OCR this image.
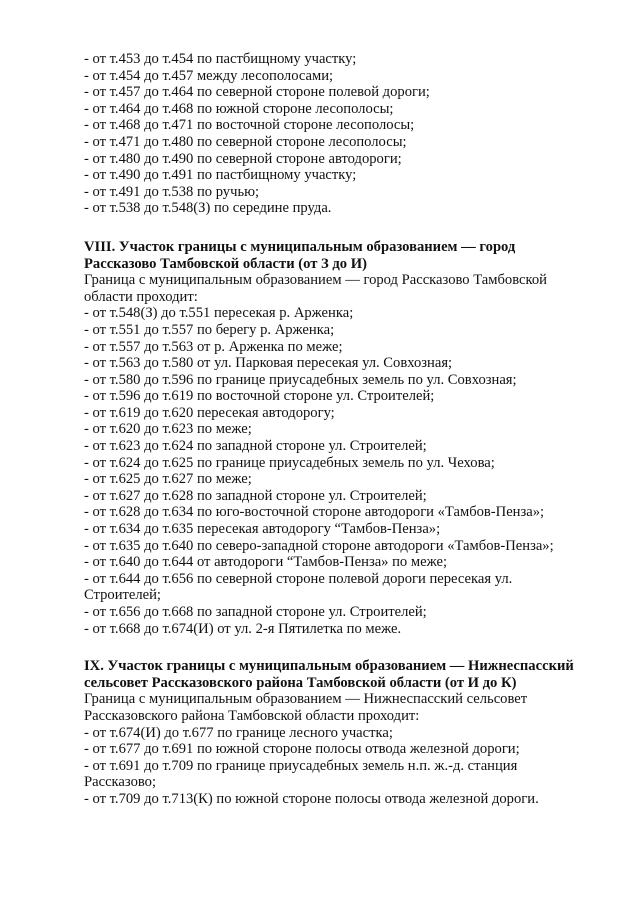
- от т.453 до т.454 по пастбищному участку;
- от т.454 до т.457 между лесополосами;
- от т.457 до т.464 по северной стороне полевой дороги;
- от т.464 до т.468 по южной стороне лесополосы;
- от т.468 до т.471 по восточной стороне лесополосы;
- от т.471 до т.480 по северной стороне лесополосы;
- от т.480 до т.490 по северной стороне автодороги;
- от т.490 до т.491 по пастбищному участку;
- от т.491 до т.538 по ручью;
- от т.538 до т.548(З) по середине пруда.
VIII. Участок границы с муниципальным образованием — город
Рассказово Тамбовской области (от З до И)
Граница с муниципальным образованием — город Рассказово Тамбовской
области проходит:
- от т.548(З) до т.551 пересекая р. Арженка;
- от т.551 до т.557 по берегу р. Арженка;
- от т.557 до т.563 от р. Арженка по меже;
- от т.563 до т.580 от ул. Парковая пересекая ул. Совхозная;
- от т.580 до т.596 по границе приусадебных земель по ул. Совхозная;
- от т.596 до т.619 по восточной стороне ул. Строителей;
- от т.619 до т.620 пересекая автодорогу;
- от т.620 до т.623 по меже;
- от т.623 до т.624 по западной стороне ул. Строителей;
- от т.624 до т.625 по границе приусадебных земель по ул. Чехова;
- от т.625 до т.627 по меже;
- от т.627 до т.628 по западной стороне ул. Строителей;
- от т.628 до т.634 по юго-восточной стороне автодороги «Тамбов-Пенза»;
- от т.634 до т.635 пересекая автодорогу “Тамбов-Пенза»;
- от т.635 до т.640 по северо-западной стороне автодороги «Тамбов-Пенза»;
- от т.640 до т.644 от автодороги “Тамбов-Пенза» по меже;
- от т.644 до т.656 по северной стороне полевой дороги пересекая ул.
Строителей;
- от т.656 до т.668 по западной стороне ул. Строителей;
- от т.668 до т.674(И) от ул. 2-я Пятилетка по меже.
IX. Участок границы с муниципальным образованием — Нижнеспасский
сельсовет Рассказовского района Тамбовской области (от И до К)
Граница с муниципальным образованием — Нижнеспасский сельсовет
Рассказовского района Тамбовской области проходит:
- от т.674(И) до т.677 по границе лесного участка;
- от т.677 до т.691 по южной стороне полосы отвода железной дороги;
- от т.691 до т.709 по границе приусадебных земель н.п. ж.-д. станция
Рассказово;
- от т.709 до т.713(К) по южной стороне полосы отвода железной дороги.
